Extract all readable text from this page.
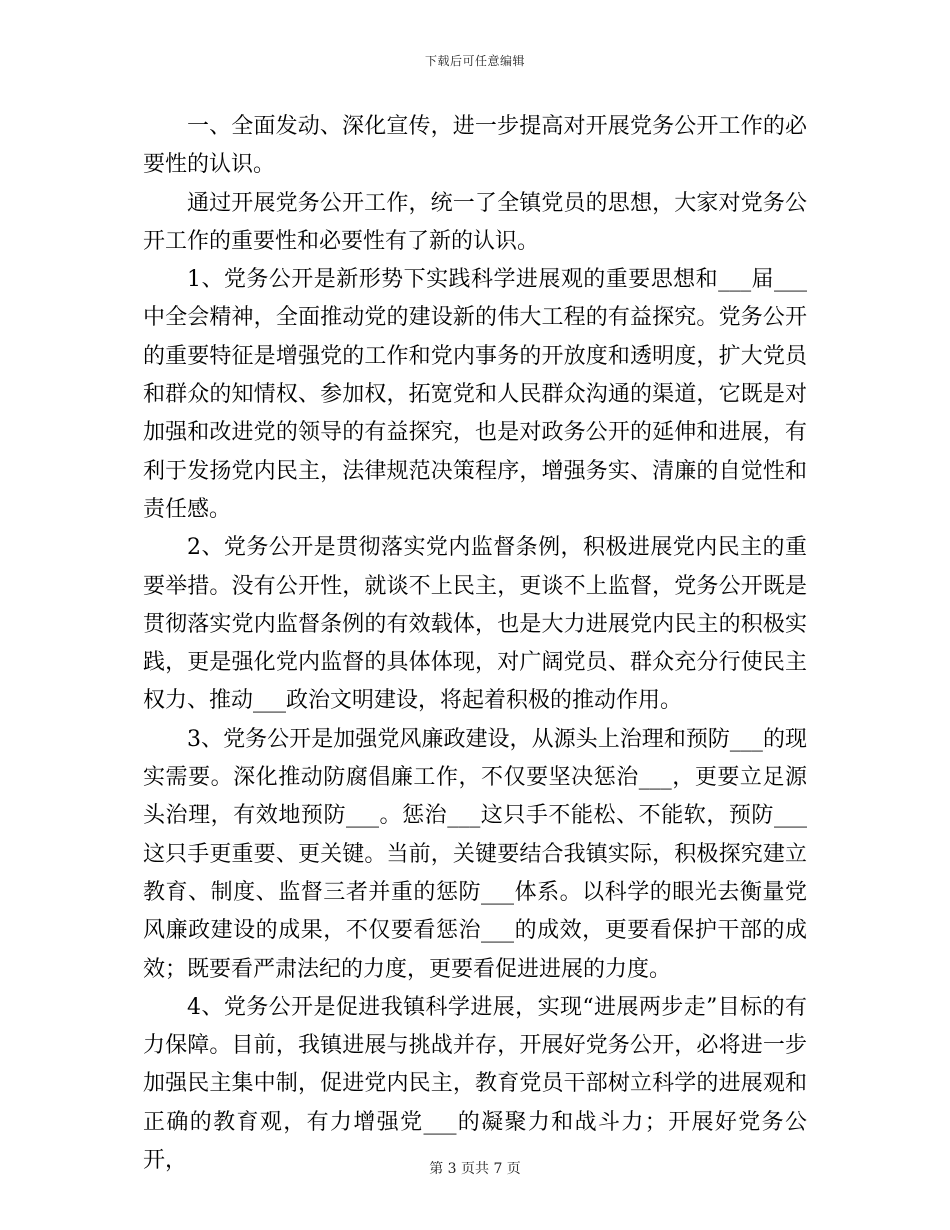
下载后可任意编辑

一、全面发动、深化宣传，进一步提高对开展党务公开工作的必要性的认识。

通过开展党务公开工作，统一了全镇党员的思想，大家对党务公开工作的重要性和必要性有了新的认识。

1、党务公开是新形势下实践科学进展观的重要思想和___届___中全会精神，全面推动党的建设新的伟大工程的有益探究。党务公开的重要特征是增强党的工作和党内事务的开放度和透明度，扩大党员和群众的知情权、参加权，拓宽党和人民群众沟通的渠道，它既是对加强和改进党的领导的有益探究，也是对政务公开的延伸和进展，有利于发扬党内民主，法律规范决策程序，增强务实、清廉的自觉性和责任感。

2、党务公开是贯彻落实党内监督条例，积极进展党内民主的重要举措。没有公开性，就谈不上民主，更谈不上监督，党务公开既是贯彻落实党内监督条例的有效载体，也是大力进展党内民主的积极实践，更是强化党内监督的具体体现，对广阔党员、群众充分行使民主权力、推动___政治文明建设，将起着积极的推动作用。

3、党务公开是加强党风廉政建设，从源头上治理和预防___的现实需要。深化推动防腐倡廉工作，不仅要坚决惩治___，更要立足源头治理，有效地预防___。惩治___这只手不能松、不能软，预防___这只手更重要、更关键。当前，关键要结合我镇实际，积极探究建立教育、制度、监督三者并重的惩防___体系。以科学的眼光去衡量党风廉政建设的成果，不仅要看惩治___的成效，更要看保护干部的成效；既要看严肃法纪的力度，更要看促进进展的力度。

4、党务公开是促进我镇科学进展，实现“进展两步走”目标的有力保障。目前，我镇进展与挑战并存，开展好党务公开，必将进一步加强民主集中制，促进党内民主，教育党员干部树立科学的进展观和正确的教育观，有力增强党___的凝聚力和战斗力；开展好党务公开，	第 3 页共 7 页
